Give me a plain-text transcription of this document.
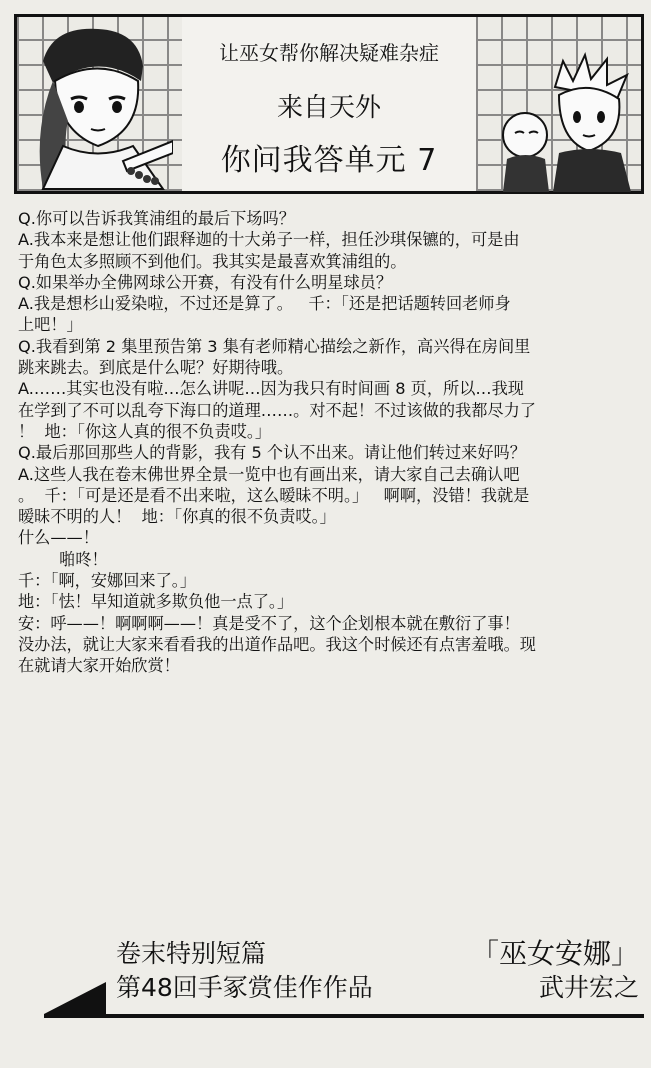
让巫女帮你解决疑难杂症
来自天外
你问我答单元 7

Q.你可以告诉我箕浦组的最后下场吗？

A.我本来是想让他们跟释迦的十大弟子一样，担任沙琪保镳的，可是由

于角色太多照顾不到他们。我其实是最喜欢箕浦组的。

Q.如果举办全佛网球公开赛，有没有什么明星球员？

A.我是想杉山爱染啦，不过还是算了。   千：「还是把话题转回老师身

上吧！」

Q.我看到第 2 集里预告第 3 集有老师精心描绘之新作，高兴得在房间里

跳来跳去。到底是什么呢？好期待哦。

A.……其实也没有啦…怎么讲呢…因为我只有时间画 8 页，所以…我现

在学到了不可以乱夸下海口的道理……。对不起！不过该做的我都尽力了

！  地：「你这人真的很不负责哎。」

Q.最后那回那些人的背影，我有 5 个认不出来。请让他们转过来好吗？

A.这些人我在卷末佛世界全景一览中也有画出来，请大家自己去确认吧

。  千：「可是还是看不出来啦，这么暧昧不明。」   啊啊，没错！我就是

暧昧不明的人！  地：「你真的很不负责哎。」

什么——！

啪咚！

千：「啊，安娜回来了。」

地：「怯！早知道就多欺负他一点了。」

安：呼——！啊啊啊——！真是受不了，这个企划根本就在敷衍了事！

没办法，就让大家来看看我的出道作品吧。我这个时候还有点害羞哦。现

在就请大家开始欣赏！

卷末特别短篇
第48回手冢赏佳作作品
「巫女安娜」
武井宏之
